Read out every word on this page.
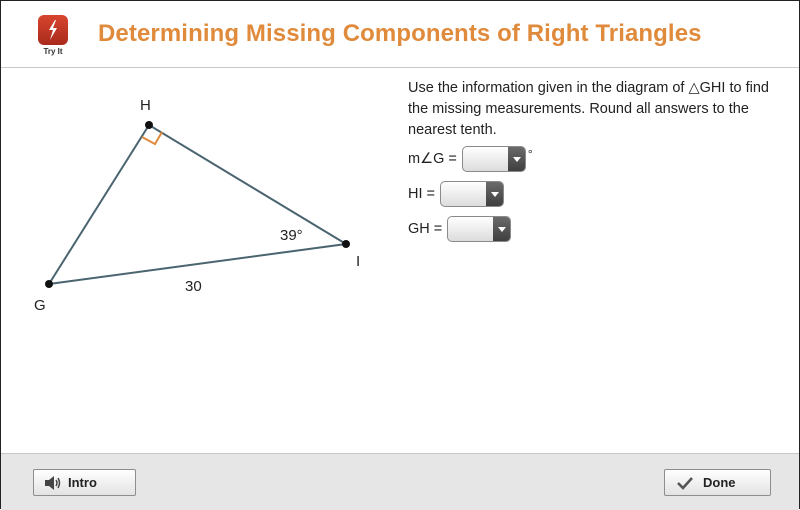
Try It
Determining Missing Components of Right Triangles
H
G
I
39°
30

Use the information given in the diagram of △GHI to find the missing measurements. Round all answers to the nearest tenth.

m∠G =	°
HI =
GH =
Intro	Done
